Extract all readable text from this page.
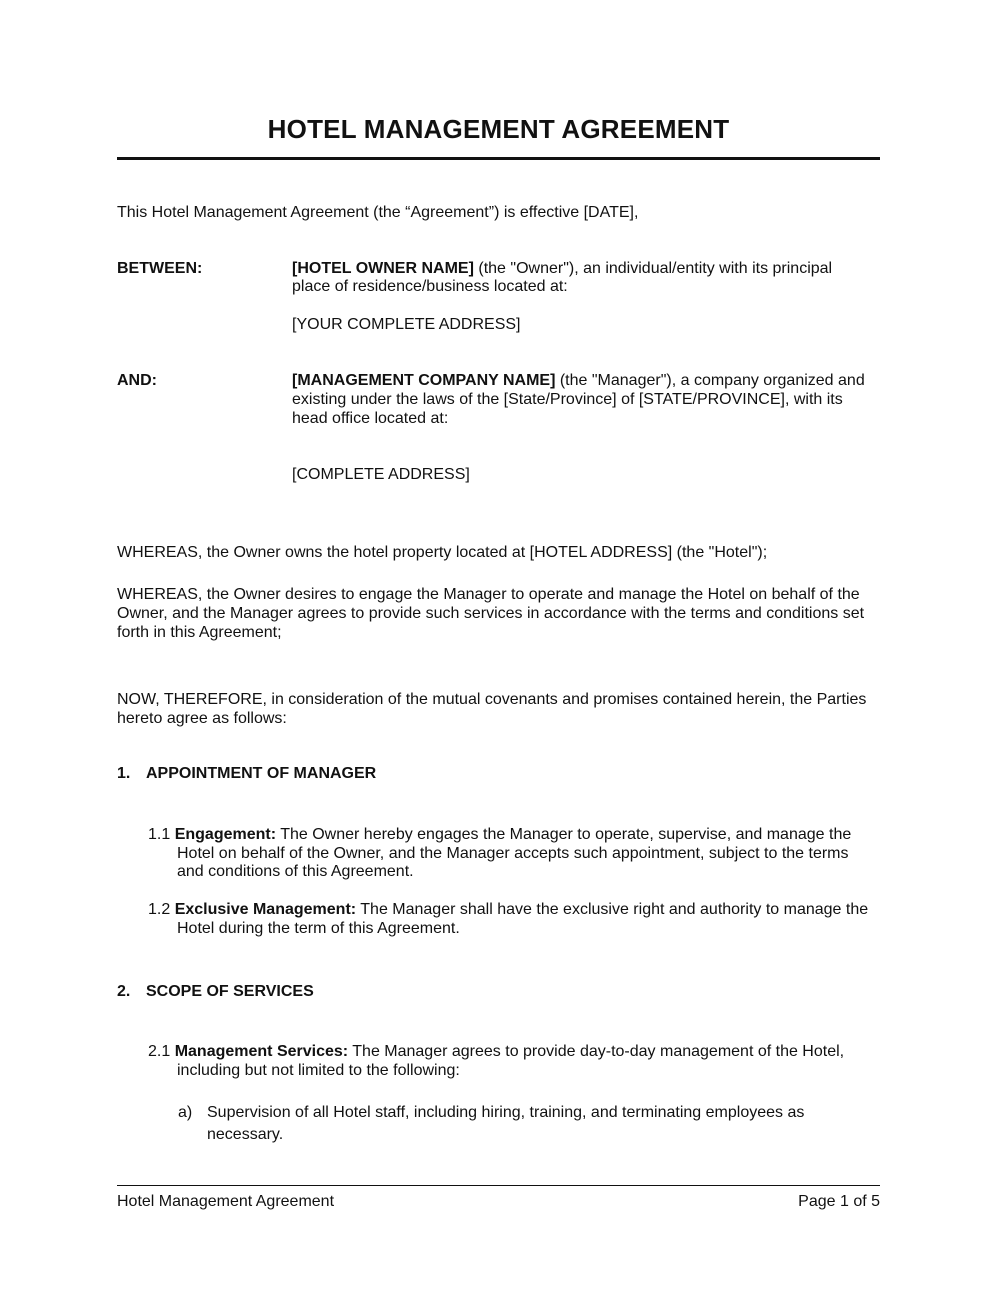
HOTEL MANAGEMENT AGREEMENT
This Hotel Management Agreement (the “Agreement”) is effective [DATE],
BETWEEN:	[HOTEL OWNER NAME] (the "Owner"), an individual/entity with its principal
place of residence/business located at:
[YOUR COMPLETE ADDRESS]
AND:	[MANAGEMENT COMPANY NAME] (the "Manager"), a company organized and
existing under the laws of the [State/Province] of [STATE/PROVINCE], with its
head office located at:
[COMPLETE ADDRESS]
WHEREAS, the Owner owns the hotel property located at [HOTEL ADDRESS] (the "Hotel");
WHEREAS, the Owner desires to engage the Manager to operate and manage the Hotel on behalf of the
Owner, and the Manager agrees to provide such services in accordance with the terms and conditions set
forth in this Agreement;
NOW, THEREFORE, in consideration of the mutual covenants and promises contained herein, the Parties
hereto agree as follows:
1. APPOINTMENT OF MANAGER
1.1 Engagement: The Owner hereby engages the Manager to operate, supervise, and manage the
Hotel on behalf of the Owner, and the Manager accepts such appointment, subject to the terms
and conditions of this Agreement.
1.2 Exclusive Management: The Manager shall have the exclusive right and authority to manage the
Hotel during the term of this Agreement.
2. SCOPE OF SERVICES
2.1 Management Services: The Manager agrees to provide day-to-day management of the Hotel,
including but not limited to the following:
a) Supervision of all Hotel staff, including hiring, training, and terminating employees as
necessary.
Hotel Management Agreement	Page 1 of 5
